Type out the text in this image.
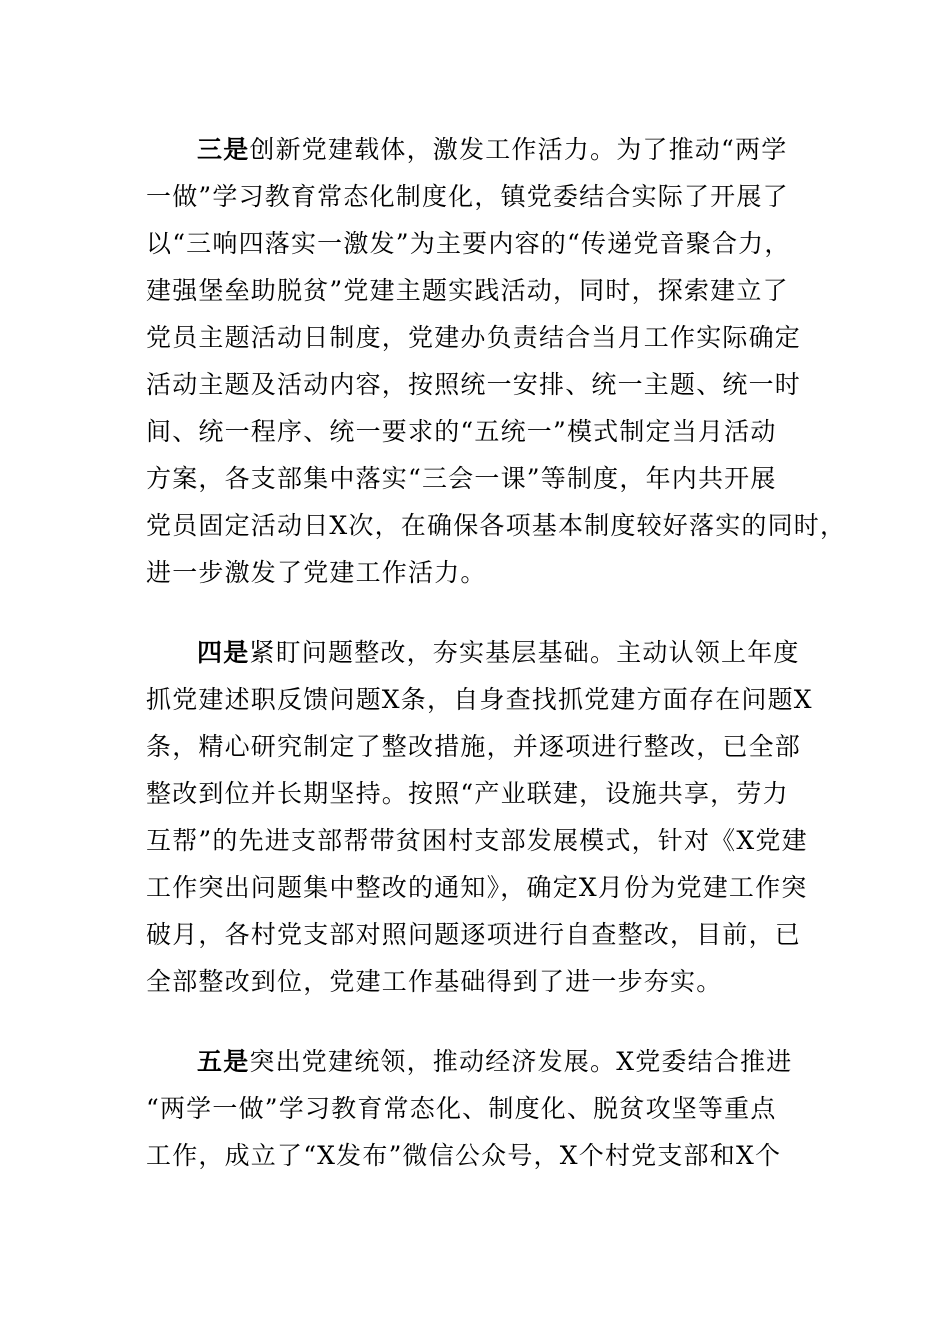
三是创新党建载体，激发工作活力。为了推动“两学
一做”学习教育常态化制度化，镇党委结合实际了开展了
以“三响四落实一激发”为主要内容的“传递党音聚合力，
建强堡垒助脱贫”党建主题实践活动，同时，探索建立了
党员主题活动日制度，党建办负责结合当月工作实际确定
活动主题及活动内容，按照统一安排、统一主题、统一时
间、统一程序、统一要求的“五统一”模式制定当月活动
方案，各支部集中落实“三会一课”等制度，年内共开展
党员固定活动日X次，在确保各项基本制度较好落实的同时，
进一步激发了党建工作活力。
四是紧盯问题整改，夯实基层基础。主动认领上年度
抓党建述职反馈问题X条，自身查找抓党建方面存在问题X
条，精心研究制定了整改措施，并逐项进行整改，已全部
整改到位并长期坚持。按照“产业联建，设施共享，劳力
互帮”的先进支部帮带贫困村支部发展模式，针对《X党建
工作突出问题集中整改的通知》，确定X月份为党建工作突
破月，各村党支部对照问题逐项进行自查整改，目前，已
全部整改到位，党建工作基础得到了进一步夯实。
五是突出党建统领，推动经济发展。X党委结合推进
“两学一做”学习教育常态化、制度化、脱贫攻坚等重点
工作，成立了“X发布”微信公众号，X个村党支部和X个
